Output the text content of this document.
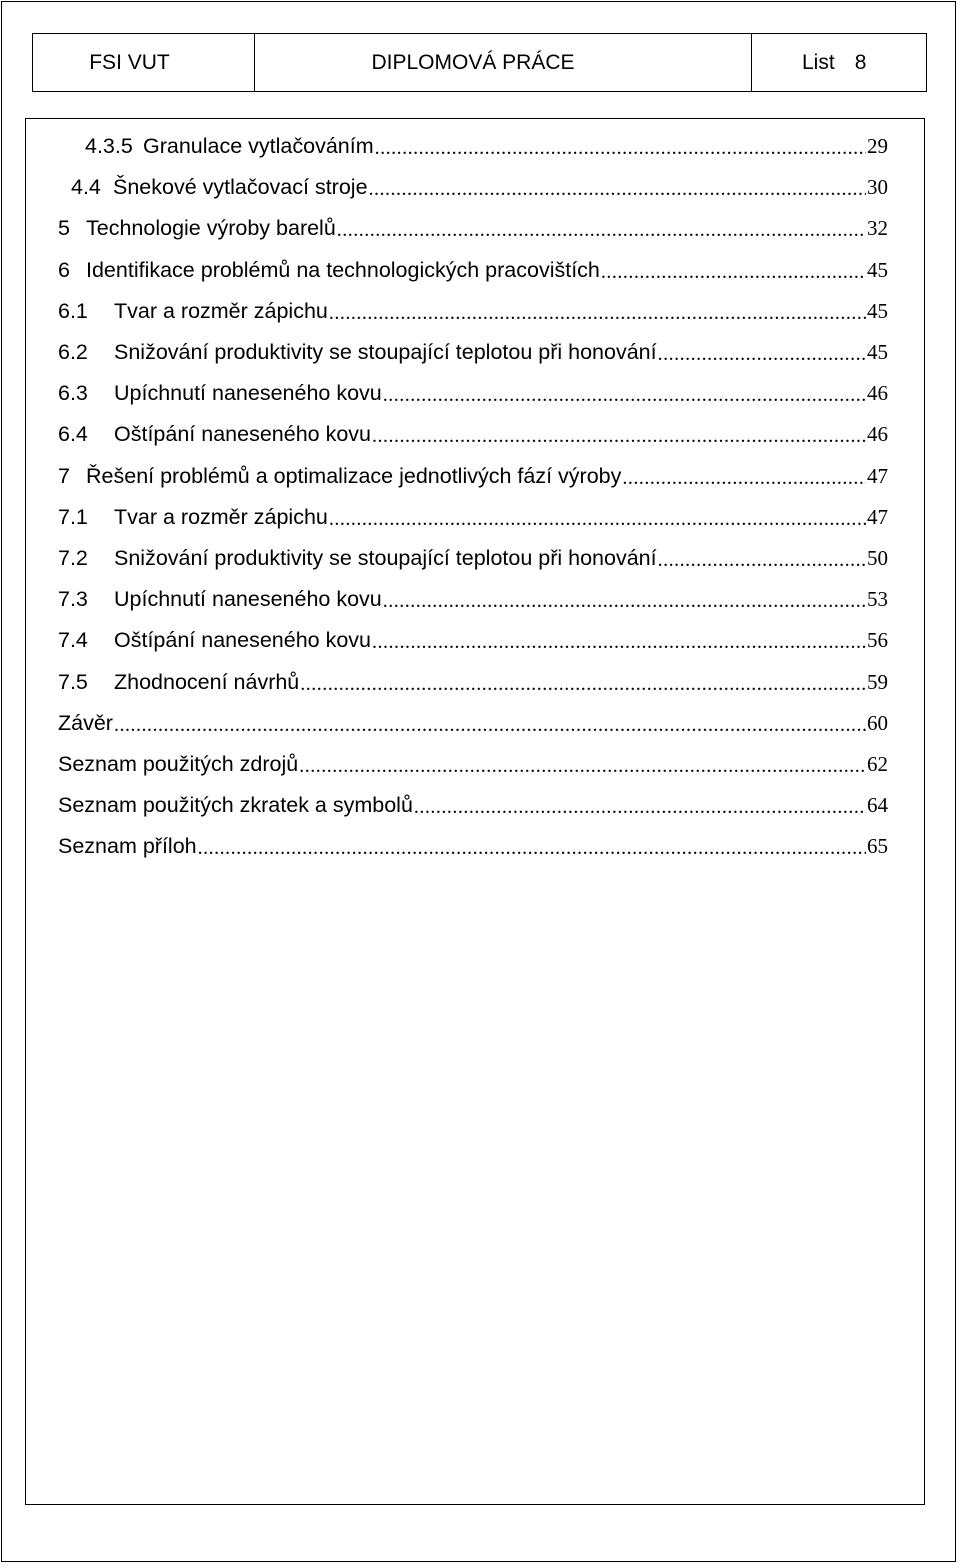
FSI VUT	DIPLOMOVÁ PRÁCE	List 8
4.3.5 Granulace vytlačováním .....	29
4.4 Šnekové vytlačovací stroje .....	30
5 Technologie výroby barelů .....	32
6 Identifikace problémů na technologických pracovištích .....	45
6.1	Tvar a rozměr zápichu .....	45
6.2	Snižování produktivity se stoupající teplotou při honování .....	45
6.3	Upíchnutí naneseného kovu .....	46
6.4	Oštípání naneseného kovu .....	46
7 Řešení problémů a optimalizace jednotlivých fází výroby .....	47
7.1	Tvar a rozměr zápichu .....	47
7.2	Snižování produktivity se stoupající teplotou při honování .....	50
7.3	Upíchnutí naneseného kovu .....	53
7.4	Oštípání naneseného kovu .....	56
7.5	Zhodnocení návrhů .....	59
Závěr .....	60
Seznam použitých zdrojů .....	62
Seznam použitých zkratek a symbolů .....	64
Seznam příloh .....	65
